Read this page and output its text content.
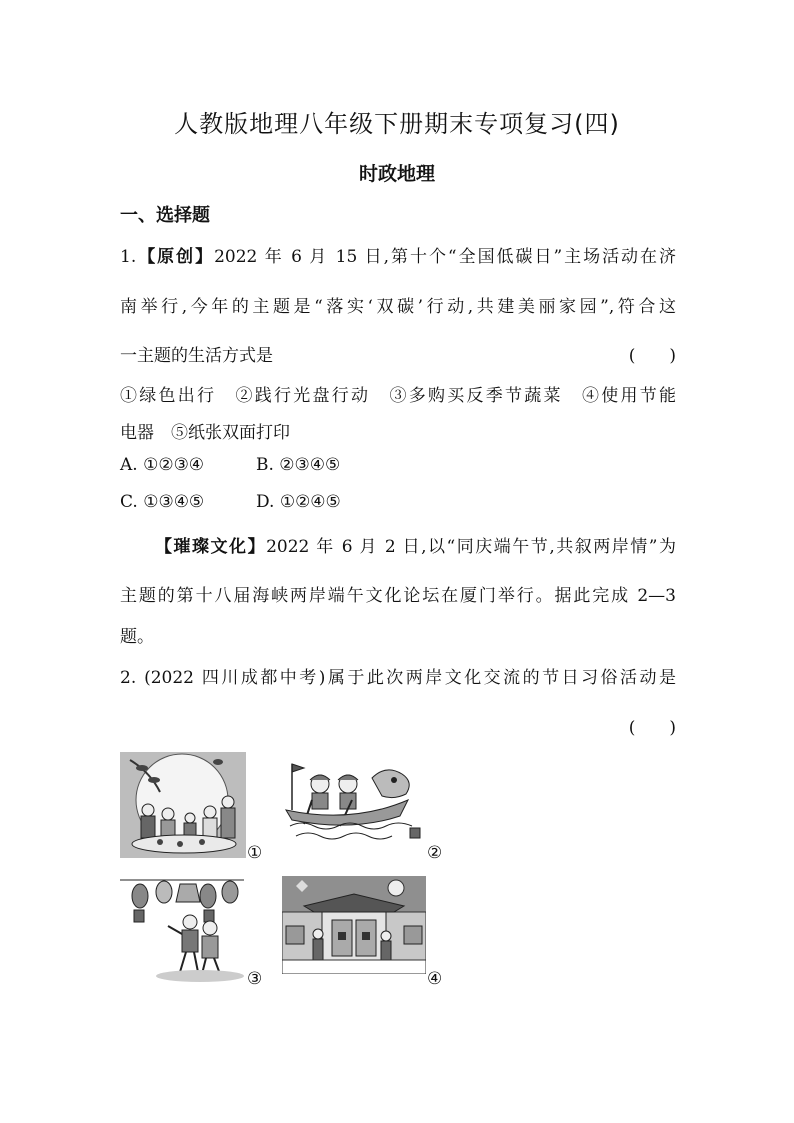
人教版地理八年级下册期末专项复习(四)
时政地理
一、选择题
1.【原创】2022 年 6 月 15 日,第十个“全国低碳日”主场活动在济
南举行,今年的主题是“落实‘双碳’行动,共建美丽家园”,符合这
一主题的生活方式是	(　　)
①绿色出行　②践行光盘行动　③多购买反季节蔬菜　④使用节能
电器　⑤纸张双面打印
A. ①②③④	B. ②③④⑤
C. ①③④⑤	D. ①②④⑤
【璀璨文化】2022 年 6 月 2 日,以“同庆端午节,共叙两岸情”为
主题的第十八届海峡两岸端午文化论坛在厦门举行。据此完成 2—3
题。
2. (2022 四川成都中考)属于此次两岸文化交流的节日习俗活动是
(　　)
①	②
③	④
